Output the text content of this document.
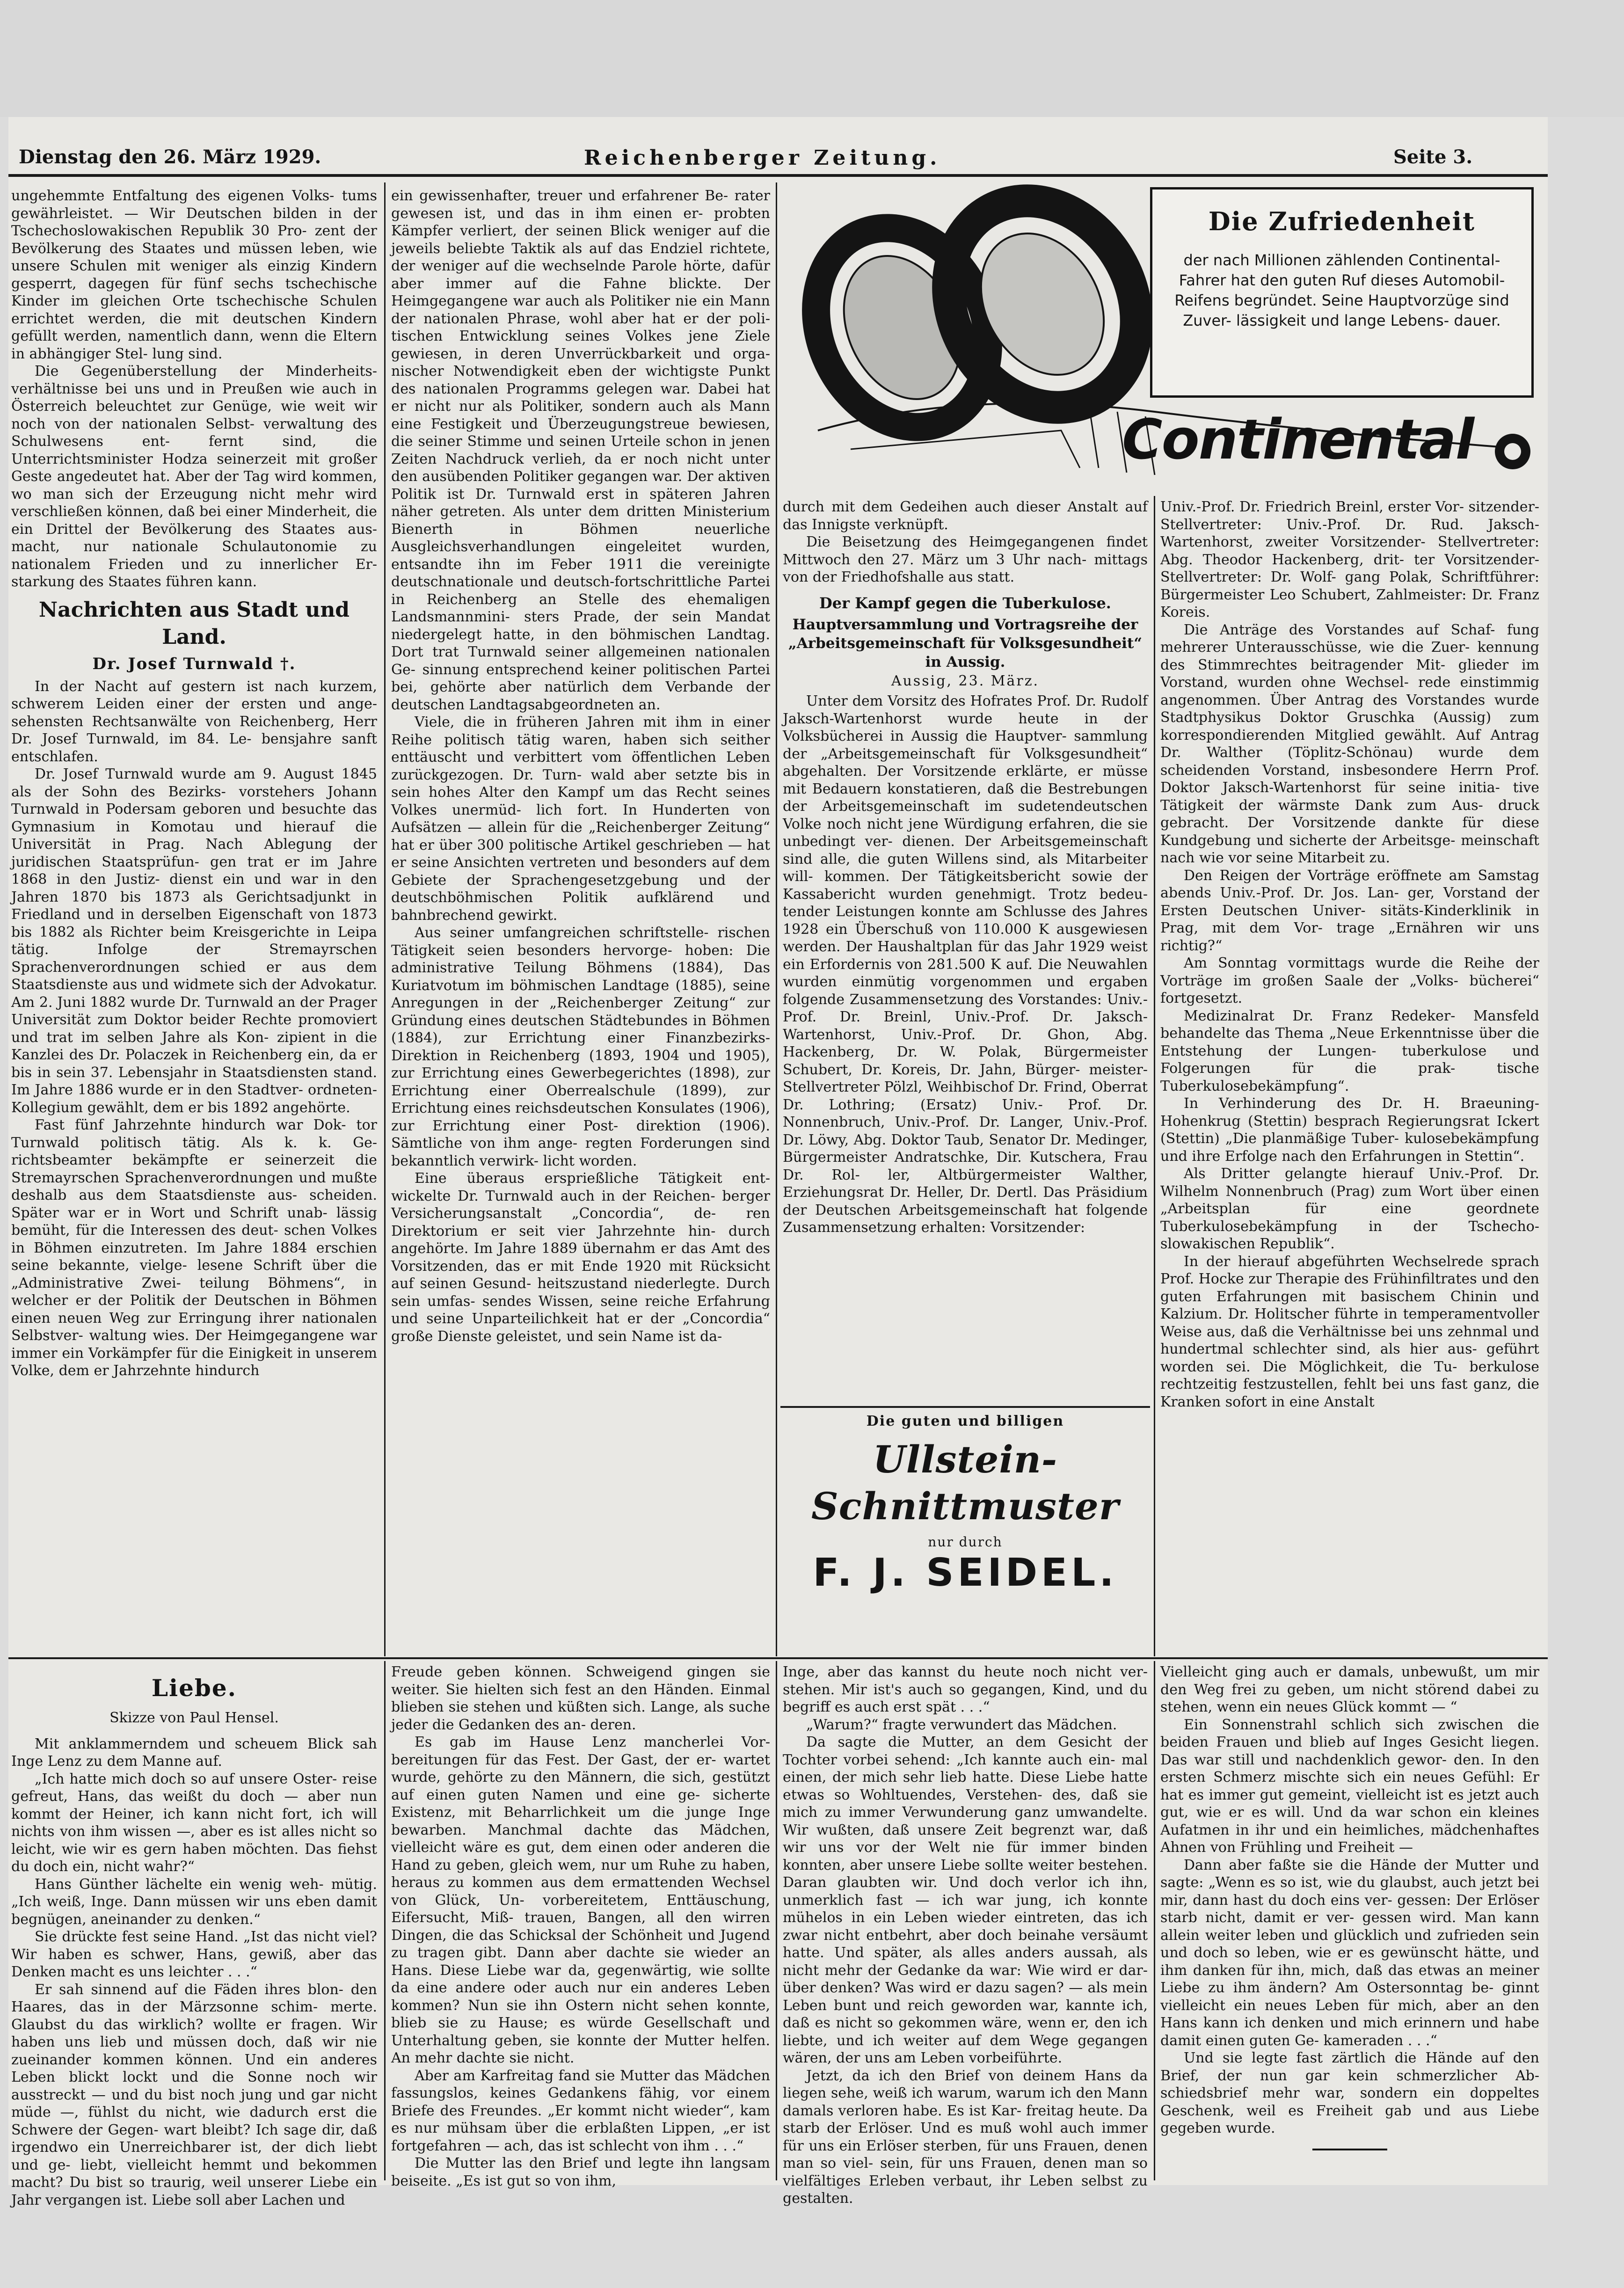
Dienstag den 26. März 1929.	Reichenberger Zeitung.	Seite 3.

ungehemmte Entfaltung des eigenen Volks- tums gewährleistet. — Wir Deutschen bilden in der Tschechoslowakischen Republik 30 Pro- zent der Bevölkerung des Staates und müssen leben, wie unsere Schulen mit weniger als einzig Kindern gesperrt, dagegen für fünf sechs tschechische Kinder im gleichen Orte tschechische Schulen errichtet werden, die mit deutschen Kindern gefüllt werden, namentlich dann, wenn die Eltern in abhängiger Stel- lung sind.

Die Gegenüberstellung der Minderheits- verhältnisse bei uns und in Preußen wie auch in Österreich beleuchtet zur Genüge, wie weit wir noch von der nationalen Selbst- verwaltung des Schulwesens ent- fernt sind, die Unterrichtsminister Hodza seinerzeit mit großer Geste angedeutet hat. Aber der Tag wird kommen, wo man sich der Erzeugung nicht mehr wird verschließen können, daß bei einer Minderheit, die ein Drittel der Bevölkerung des Staates aus- macht, nur nationale Schulautonomie zu nationalem Frieden und zu innerlicher Er- starkung des Staates führen kann.

Nachrichten aus Stadt und Land.
Dr. Josef Turnwald †.

In der Nacht auf gestern ist nach kurzem, schwerem Leiden einer der ersten und ange- sehensten Rechtsanwälte von Reichenberg, Herr Dr. Josef Turnwald, im 84. Le- bensjahre sanft entschlafen.

Dr. Josef Turnwald wurde am 9. August 1845 als der Sohn des Bezirks- vorstehers Johann Turnwald in Podersam geboren und besuchte das Gymnasium in Komotau und hierauf die Universität in Prag. Nach Ablegung der juridischen Staatsprüfun- gen trat er im Jahre 1868 in den Justiz- dienst ein und war in den Jahren 1870 bis 1873 als Gerichtsadjunkt in Friedland und in derselben Eigenschaft von 1873 bis 1882 als Richter beim Kreisgerichte in Leipa tätig. Infolge der Stremayrschen Sprachenverordnungen schied er aus dem Staatsdienste aus und widmete sich der Advokatur. Am 2. Juni 1882 wurde Dr. Turnwald an der Prager Universität zum Doktor beider Rechte promoviert und trat im selben Jahre als Kon- zipient in die Kanzlei des Dr. Polaczek in Reichenberg ein, da er bis in sein 37. Lebensjahr in Staatsdiensten stand. Im Jahre 1886 wurde er in den Stadtver- ordneten-Kollegium gewählt, dem er bis 1892 angehörte.

Fast fünf Jahrzehnte hindurch war Dok- tor Turnwald politisch tätig. Als k. k. Ge- richtsbeamter bekämpfte er seinerzeit die Stremayrschen Sprachenverordnungen und mußte deshalb aus dem Staatsdienste aus- scheiden. Später war er in Wort und Schrift unab- lässig bemüht, für die Interessen des deut- schen Volkes in Böhmen einzutreten. Im Jahre 1884 erschien seine bekannte, vielge- lesene Schrift über die „Administrative Zwei- teilung Böhmens“, in welcher er der Politik der Deutschen in Böhmen einen neuen Weg zur Erringung ihrer nationalen Selbstver- waltung wies. Der Heimgegangene war immer ein Vorkämpfer für die Einigkeit in unserem Volke, dem er Jahrzehnte hindurch

ein gewissenhafter, treuer und erfahrener Be- rater gewesen ist, und das in ihm einen er- probten Kämpfer verliert, der seinen Blick weniger auf die jeweils beliebte Taktik als auf das Endziel richtete, der weniger auf die wechselnde Parole hörte, dafür aber immer auf die Fahne blickte. Der Heimgegangene war auch als Politiker nie ein Mann der nationalen Phrase, wohl aber hat er der poli- tischen Entwicklung seines Volkes jene Ziele gewiesen, in deren Unverrückbarkeit und orga- nischer Notwendigkeit eben der wichtigste Punkt des nationalen Programms gelegen war. Dabei hat er nicht nur als Politiker, sondern auch als Mann eine Festigkeit und Überzeugungstreue bewiesen, die seiner Stimme und seinen Urteile schon in jenen Zeiten Nachdruck verlieh, da er noch nicht unter den ausübenden Politiker gegangen war. Der aktiven Politik ist Dr. Turnwald erst in späteren Jahren näher getreten. Als unter dem dritten Ministerium Bienerth in Böhmen neuerliche Ausgleichsverhandlungen eingeleitet wurden, entsandte ihn im Feber 1911 die vereinigte deutschnationale und deutsch-fortschrittliche Partei in Reichenberg an Stelle des ehemaligen Landsmannmini- sters Prade, der sein Mandat niedergelegt hatte, in den böhmischen Landtag. Dort trat Turnwald seiner allgemeinen nationalen Ge- sinnung entsprechend keiner politischen Partei bei, gehörte aber natürlich dem Verbande der deutschen Landtagsabgeordneten an.

Viele, die in früheren Jahren mit ihm in einer Reihe politisch tätig waren, haben sich seither enttäuscht und verbittert vom öffentlichen Leben zurückgezogen. Dr. Turn- wald aber setzte bis in sein hohes Alter den Kampf um das Recht seines Volkes unermüd- lich fort. In Hunderten von Aufsätzen — allein für die „Reichenberger Zeitung“ hat er über 300 politische Artikel geschrieben — hat er seine Ansichten vertreten und besonders auf dem Gebiete der Sprachengesetzgebung und der deutschböhmischen Politik aufklärend und bahnbrechend gewirkt.

Aus seiner umfangreichen schriftstelle- rischen Tätigkeit seien besonders hervorge- hoben: Die administrative Teilung Böhmens (1884), Das Kuriatvotum im böhmischen Landtage (1885), seine Anregungen in der „Reichenberger Zeitung“ zur Gründung eines deutschen Städtebundes in Böhmen (1884), zur Errichtung einer Finanzbezirks- Direktion in Reichenberg (1893, 1904 und 1905), zur Errichtung eines Gewerbegerichtes (1898), zur Errichtung einer Oberrealschule (1899), zur Errichtung eines reichsdeutschen Konsulates (1906), zur Errichtung einer Post- direktion (1906). Sämtliche von ihm ange- regten Forderungen sind bekanntlich verwirk- licht worden.

Eine überaus ersprießliche Tätigkeit ent- wickelte Dr. Turnwald auch in der Reichen- berger Versicherungsanstalt „Concordia“, de- ren Direktorium er seit vier Jahrzehnte hin- durch angehörte. Im Jahre 1889 übernahm er das Amt des Vorsitzenden, das er mit Ende 1920 mit Rücksicht auf seinen Gesund- heitszustand niederlegte. Durch sein umfas- sendes Wissen, seine reiche Erfahrung und seine Unparteilichkeit hat er der „Concordia“ große Dienste geleistet, und sein Name ist da-

Die Zufriedenheit
der nach Millionen zählenden Continental-Fahrer hat den guten Ruf dieses Automobil- Reifens begründet. Seine Hauptvorzüge sind Zuver- lässigkeit und lange Lebens- dauer.
Continental

durch mit dem Gedeihen auch dieser Anstalt auf das Innigste verknüpft.

Die Beisetzung des Heimgegangenen findet Mittwoch den 27. März um 3 Uhr nach- mittags von der Friedhofshalle aus statt.

Der Kampf gegen die Tuberkulose.
Hauptversammlung und Vortragsreihe der „Arbeitsgemeinschaft für Volksgesundheit“ in Aussig.
Aussig, 23. März.

Unter dem Vorsitz des Hofrates Prof. Dr. Rudolf Jaksch-Wartenhorst wurde heute in der Volksbücherei in Aussig die Hauptver- sammlung der „Arbeitsgemeinschaft für Volksgesundheit“ abgehalten. Der Vorsitzende erklärte, er müsse mit Bedauern konstatieren, daß die Bestrebungen der Arbeitsgemeinschaft im sudetendeutschen Volke noch nicht jene Würdigung erfahren, die sie unbedingt ver- dienen. Der Arbeitsgemeinschaft sind alle, die guten Willens sind, als Mitarbeiter will- kommen. Der Tätigkeitsbericht sowie der Kassabericht wurden genehmigt. Trotz bedeu- tender Leistungen konnte am Schlusse des Jahres 1928 ein Überschuß von 110.000 K ausgewiesen werden. Der Haushaltplan für das Jahr 1929 weist ein Erfordernis von 281.500 K auf. Die Neuwahlen wurden einmütig vorgenommen und ergaben folgende Zusammensetzung des Vorstandes: Univ.- Prof. Dr. Breinl, Univ.-Prof. Dr. Jaksch- Wartenhorst, Univ.-Prof. Dr. Ghon, Abg. Hackenberg, Dr. W. Polak, Bürgermeister Schubert, Dr. Koreis, Dr. Jahn, Bürger- meister-Stellvertreter Pölzl, Weihbischof Dr. Frind, Oberrat Dr. Lothring; (Ersatz) Univ.- Prof. Dr. Nonnenbruch, Univ.-Prof. Dr. Langer, Univ.-Prof. Dr. Löwy, Abg. Doktor Taub, Senator Dr. Medinger, Bürgermeister Andratschke, Dir. Kutschera, Frau Dr. Rol- ler, Altbürgermeister Walther, Erziehungsrat Dr. Heller, Dr. Dertl. Das Präsidium der Deutschen Arbeitsgemeinschaft hat folgende Zusammensetzung erhalten: Vorsitzender:

Die guten und billigen
Ullstein-Schnittmuster
nur durch
F. J. SEIDEL.

Univ.-Prof. Dr. Friedrich Breinl, erster Vor- sitzender-Stellvertreter: Univ.-Prof. Dr. Rud. Jaksch-Wartenhorst, zweiter Vorsitzender- Stellvertreter: Abg. Theodor Hackenberg, drit- ter Vorsitzender-Stellvertreter: Dr. Wolf- gang Polak, Schriftführer: Bürgermeister Leo Schubert, Zahlmeister: Dr. Franz Koreis.

Die Anträge des Vorstandes auf Schaf- fung mehrerer Unterausschüsse, wie die Zuer- kennung des Stimmrechtes beitragender Mit- glieder im Vorstand, wurden ohne Wechsel- rede einstimmig angenommen. Über Antrag des Vorstandes wurde Stadtphysikus Doktor Gruschka (Aussig) zum korrespondierenden Mitglied gewählt. Auf Antrag Dr. Walther (Töplitz-Schönau) wurde dem scheidenden Vorstand, insbesondere Herrn Prof. Doktor Jaksch-Wartenhorst für seine initia- tive Tätigkeit der wärmste Dank zum Aus- druck gebracht. Der Vorsitzende dankte für diese Kundgebung und sicherte der Arbeitsge- meinschaft nach wie vor seine Mitarbeit zu.

Den Reigen der Vorträge eröffnete am Samstag abends Univ.-Prof. Dr. Jos. Lan- ger, Vorstand der Ersten Deutschen Univer- sitäts-Kinderklinik in Prag, mit dem Vor- trage „Ernähren wir uns richtig?“

Am Sonntag vormittags wurde die Reihe der Vorträge im großen Saale der „Volks- bücherei“ fortgesetzt.

Medizinalrat Dr. Franz Redeker- Mansfeld behandelte das Thema „Neue Erkenntnisse über die Entstehung der Lungen- tuberkulose und Folgerungen für die prak- tische Tuberkulosebekämpfung“.

In Verhinderung des Dr. H. Braeuning- Hohenkrug (Stettin) besprach Regierungsrat Ickert (Stettin) „Die planmäßige Tuber- kulosebekämpfung und ihre Erfolge nach den Erfahrungen in Stettin“.

Als Dritter gelangte hierauf Univ.-Prof. Dr. Wilhelm Nonnenbruch (Prag) zum Wort über einen „Arbeitsplan für eine geordnete Tuberkulosebekämpfung in der Tschecho- slowakischen Republik“.

In der hierauf abgeführten Wechselrede sprach Prof. Hocke zur Therapie des Frühinfiltrates und den guten Erfahrungen mit basischem Chinin und Kalzium. Dr. Holitscher führte in temperamentvoller Weise aus, daß die Verhältnisse bei uns zehnmal und hundertmal schlechter sind, als hier aus- geführt worden sei. Die Möglichkeit, die Tu- berkulose rechtzeitig festzustellen, fehlt bei uns fast ganz, die Kranken sofort in eine Anstalt

Liebe.
Skizze von Paul Hensel.

Mit anklammerndem und scheuem Blick sah Inge Lenz zu dem Manne auf.

„Ich hatte mich doch so auf unsere Oster- reise gefreut, Hans, das weißt du doch — aber nun kommt der Heiner, ich kann nicht fort, ich will nichts von ihm wissen —, aber es ist alles nicht so leicht, wie wir es gern haben möchten. Das fiehst du doch ein, nicht wahr?“

Hans Günther lächelte ein wenig weh- mütig. „Ich weiß, Inge. Dann müssen wir uns eben damit begnügen, aneinander zu denken.“

Sie drückte fest seine Hand. „Ist das nicht viel? Wir haben es schwer, Hans, gewiß, aber das Denken macht es uns leichter . . .“

Er sah sinnend auf die Fäden ihres blon- den Haares, das in der Märzsonne schim- merte. Glaubst du das wirklich? wollte er fragen. Wir haben uns lieb und müssen doch, daß wir nie zueinander kommen können. Und ein anderes Leben blickt lockt und die Sonne noch wir ausstreckt — und du bist noch jung und gar nicht müde —, fühlst du nicht, wie dadurch erst die Schwere der Gegen- wart bleibt? Ich sage dir, daß irgendwo ein Unerreichbarer ist, der dich liebt und ge- liebt, vielleicht hemmt und bekommen macht? Du bist so traurig, weil unserer Liebe ein Jahr vergangen ist. Liebe soll aber Lachen und

Freude geben können. Schweigend gingen sie weiter. Sie hielten sich fest an den Händen. Einmal blieben sie stehen und küßten sich. Lange, als suche jeder die Gedanken des an- deren.

Es gab im Hause Lenz mancherlei Vor- bereitungen für das Fest. Der Gast, der er- wartet wurde, gehörte zu den Männern, die sich, gestützt auf einen guten Namen und eine ge- sicherte Existenz, mit Beharrlichkeit um die junge Inge bewarben. Manchmal dachte das Mädchen, vielleicht wäre es gut, dem einen oder anderen die Hand zu geben, gleich wem, nur um Ruhe zu haben, heraus zu kommen aus dem ermattenden Wechsel von Glück, Un- vorbereitetem, Enttäuschung, Eifersucht, Miß- trauen, Bangen, all den wirren Dingen, die das Schicksal der Schönheit und Jugend zu tragen gibt. Dann aber dachte sie wieder an Hans. Diese Liebe war da, gegenwärtig, wie sollte da eine andere oder auch nur ein anderes Leben kommen? Nun sie ihn Ostern nicht sehen konnte, blieb sie zu Hause; es würde Gesellschaft und Unterhaltung geben, sie konnte der Mutter helfen. An mehr dachte sie nicht.

Aber am Karfreitag fand sie Mutter das Mädchen fassungslos, keines Gedankens fähig, vor einem Briefe des Freundes. „Er kommt nicht wieder“, kam es nur mühsam über die erblaßten Lippen, „er ist fortgefahren — ach, das ist schlecht von ihm . . .“

Die Mutter las den Brief und legte ihn langsam beiseite. „Es ist gut so von ihm,

Inge, aber das kannst du heute noch nicht ver- stehen. Mir ist's auch so gegangen, Kind, und du begriff es auch erst spät . . .“

„Warum?“ fragte verwundert das Mädchen.

Da sagte die Mutter, an dem Gesicht der Tochter vorbei sehend: „Ich kannte auch ein- mal einen, der mich sehr lieb hatte. Diese Liebe hatte etwas so Wohltuendes, Verstehen- des, daß sie mich zu immer Verwunderung ganz umwandelte. Wir wußten, daß unsere Zeit begrenzt war, daß wir uns vor der Welt nie für immer binden konnten, aber unsere Liebe sollte weiter bestehen. Daran glaubten wir. Und doch verlor ich ihn, unmerklich fast — ich war jung, ich konnte mühelos in ein Leben wieder eintreten, das ich zwar nicht entbehrt, aber doch beinahe versäumt hatte. Und später, als alles anders aussah, als nicht mehr der Gedanke da war: Wie wird er dar- über denken? Was wird er dazu sagen? — als mein Leben bunt und reich geworden war, kannte ich, daß es nicht so gekommen wäre, wenn er, den ich liebte, und ich weiter auf dem Wege gegangen wären, der uns am Leben vorbeiführte.

Jetzt, da ich den Brief von deinem Hans da liegen sehe, weiß ich warum, warum ich den Mann damals verloren habe. Es ist Kar- freitag heute. Da starb der Erlöser. Und es muß wohl auch immer für uns ein Erlöser sterben, für uns Frauen, denen man so viel- sein, für uns Frauen, denen man so vielfältiges Erleben verbaut, ihr Leben selbst zu gestalten.

Vielleicht ging auch er damals, unbewußt, um mir den Weg frei zu geben, um nicht störend dabei zu stehen, wenn ein neues Glück kommt — “

Ein Sonnenstrahl schlich sich zwischen die beiden Frauen und blieb auf Inges Gesicht liegen. Das war still und nachdenklich gewor- den. In den ersten Schmerz mischte sich ein neues Gefühl: Er hat es immer gut gemeint, vielleicht ist es jetzt auch gut, wie er es will. Und da war schon ein kleines Aufatmen in ihr und ein heimliches, mädchenhaftes Ahnen von Frühling und Freiheit —

Dann aber faßte sie die Hände der Mutter und sagte: „Wenn es so ist, wie du glaubst, auch jetzt bei mir, dann hast du doch eins ver- gessen: Der Erlöser starb nicht, damit er ver- gessen wird. Man kann allein weiter leben und glücklich und zufrieden sein und doch so leben, wie er es gewünscht hätte, und ihm danken für ihn, mich, daß das etwas an meiner Liebe zu ihm ändern? Am Ostersonntag be- ginnt vielleicht ein neues Leben für mich, aber an den Hans kann ich denken und mich erinnern und habe damit einen guten Ge- kameraden . . .“

Und sie legte fast zärtlich die Hände auf den Brief, der nun gar kein schmerzlicher Ab- schiedsbrief mehr war, sondern ein doppeltes Geschenk, weil es Freiheit gab und aus Liebe gegeben wurde.
